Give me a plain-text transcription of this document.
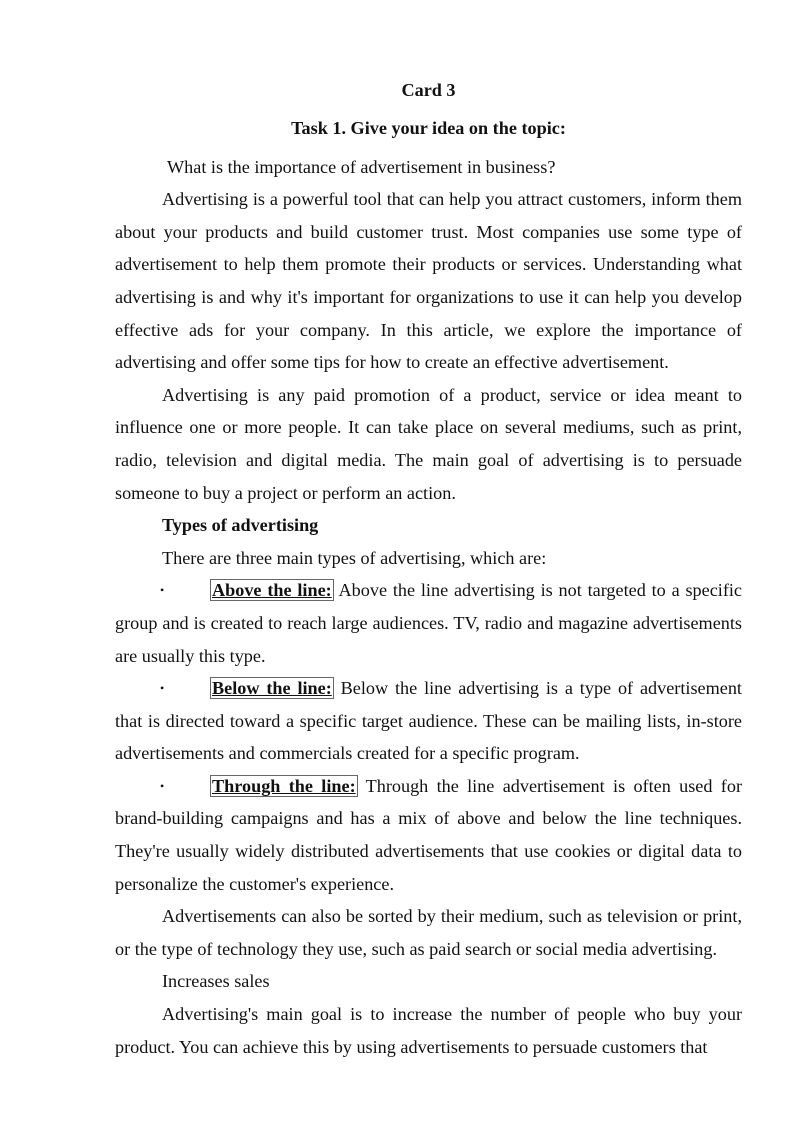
Card 3

Task 1. Give your idea on the topic:

What is the importance of advertisement in business?

Advertising is a powerful tool that can help you attract customers, inform them about your products and build customer trust. Most companies use some type of advertisement to help them promote their products or services. Understanding what advertising is and why it's important for organizations to use it can help you develop effective ads for your company. In this article, we explore the importance of advertising and offer some tips for how to create an effective advertisement.

Advertising is any paid promotion of a product, service or idea meant to influence one or more people. It can take place on several mediums, such as print, radio, television and digital media. The main goal of advertising is to persuade someone to buy a project or perform an action.

Types of advertising

There are three main types of advertising, which are:

•	Above the line: Above the line advertising is not targeted to a specific group and is created to reach large audiences. TV, radio and magazine advertisements are usually this type.

•	Below the line: Below the line advertising is a type of advertisement that is directed toward a specific target audience. These can be mailing lists, in-store advertisements and commercials created for a specific program.

•	Through the line: Through the line advertisement is often used for brand-building campaigns and has a mix of above and below the line techniques. They're usually widely distributed advertisements that use cookies or digital data to personalize the customer's experience.

Advertisements can also be sorted by their medium, such as television or print, or the type of technology they use, such as paid search or social media advertising.

Increases sales

Advertising's main goal is to increase the number of people who buy your product. You can achieve this by using advertisements to persuade customers that
